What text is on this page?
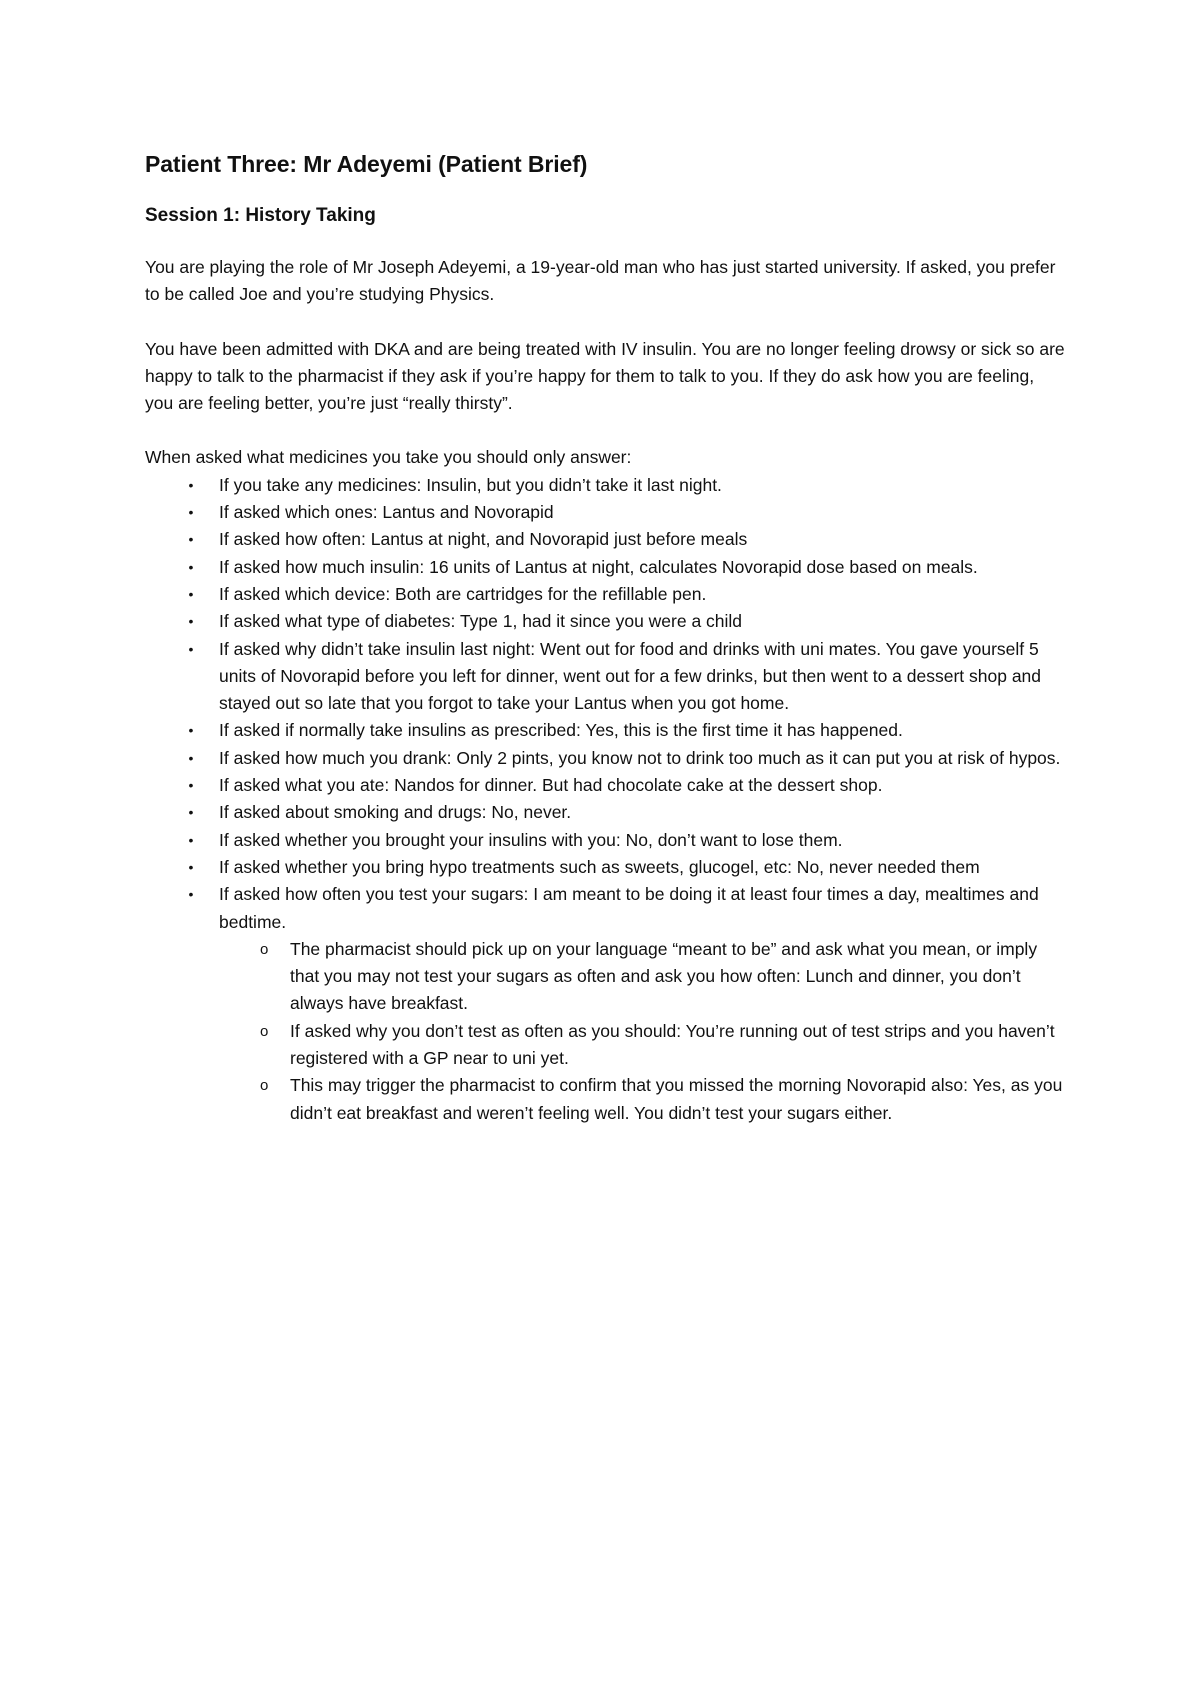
Patient Three: Mr Adeyemi (Patient Brief)
Session 1: History Taking

You are playing the role of Mr Joseph Adeyemi, a 19-year-old man who has just started university. If asked, you prefer to be called Joe and you’re studying Physics.

You have been admitted with DKA and are being treated with IV insulin. You are no longer feeling drowsy or sick so are happy to talk to the pharmacist if they ask if you’re happy for them to talk to you. If they do ask how you are feeling, you are feeling better, you’re just “really thirsty”.

When asked what medicines you take you should only answer:

• If you take any medicines: Insulin, but you didn’t take it last night.
• If asked which ones: Lantus and Novorapid
• If asked how often: Lantus at night, and Novorapid just before meals
• If asked how much insulin: 16 units of Lantus at night, calculates Novorapid dose based on meals.
• If asked which device: Both are cartridges for the refillable pen.
• If asked what type of diabetes: Type 1, had it since you were a child
• If asked why didn’t take insulin last night: Went out for food and drinks with uni mates. You gave yourself 5 units of Novorapid before you left for dinner, went out for a few drinks, but then went to a dessert shop and stayed out so late that you forgot to take your Lantus when you got home.
• If asked if normally take insulins as prescribed: Yes, this is the first time it has happened.
• If asked how much you drank: Only 2 pints, you know not to drink too much as it can put you at risk of hypos.
• If asked what you ate: Nandos for dinner. But had chocolate cake at the dessert shop.
• If asked about smoking and drugs: No, never.
• If asked whether you brought your insulins with you: No, don’t want to lose them.
• If asked whether you bring hypo treatments such as sweets, glucogel, etc: No, never needed them
• If asked how often you test your sugars: I am meant to be doing it at least four times a day, mealtimes and bedtime.
o The pharmacist should pick up on your language “meant to be” and ask what you mean, or imply that you may not test your sugars as often and ask you how often: Lunch and dinner, you don’t always have breakfast.
o If asked why you don’t test as often as you should: You’re running out of test strips and you haven’t registered with a GP near to uni yet.
o This may trigger the pharmacist to confirm that you missed the morning Novorapid also: Yes, as you didn’t eat breakfast and weren’t feeling well. You didn’t test your sugars either.
